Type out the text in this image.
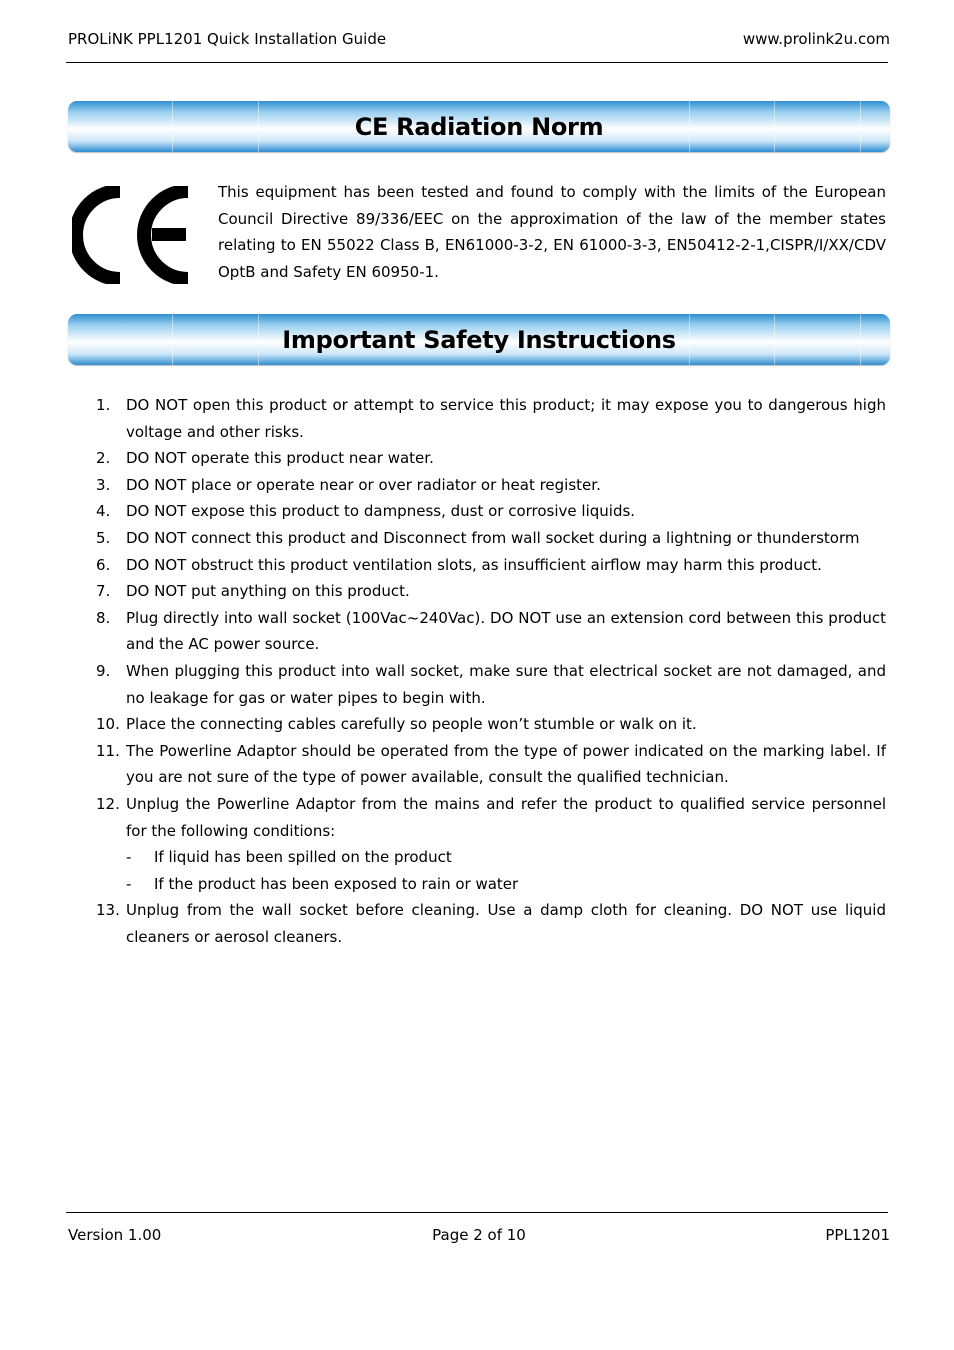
PROLiNK PPL1201 Quick Installation Guide	www.prolink2u.com
CE Radiation Norm
This equipment has been tested and found to comply with the limits of the European Council Directive 89/336/EEC on the approximation of the law of the member states relating to EN 55022 Class B, EN61000-3-2, EN 61000-3-3, EN50412-2-1,CISPR/I/XX/CDV OptB and Safety EN 60950-1.
Important Safety Instructions
1. DO NOT open this product or attempt to service this product; it may expose you to dangerous high voltage and other risks.
2. DO NOT operate this product near water.
3. DO NOT place or operate near or over radiator or heat register.
4. DO NOT expose this product to dampness, dust or corrosive liquids.
5. DO NOT connect this product and Disconnect from wall socket during a lightning or thunderstorm
6. DO NOT obstruct this product ventilation slots, as insufficient airflow may harm this product.
7. DO NOT put anything on this product.
8. Plug directly into wall socket (100Vac~240Vac). DO NOT use an extension cord between this product and the AC power source.
9. When plugging this product into wall socket, make sure that electrical socket are not damaged, and no leakage for gas or water pipes to begin with.
10. Place the connecting cables carefully so people won’t stumble or walk on it.
11. The Powerline Adaptor should be operated from the type of power indicated on the marking label. If you are not sure of the type of power available, consult the qualified technician.
12. Unplug the Powerline Adaptor from the mains and refer the product to qualified service personnel for the following conditions:
- If liquid has been spilled on the product
- If the product has been exposed to rain or water
13. Unplug from the wall socket before cleaning. Use a damp cloth for cleaning. DO NOT use liquid cleaners or aerosol cleaners.
Version 1.00	Page 2 of 10	PPL1201
